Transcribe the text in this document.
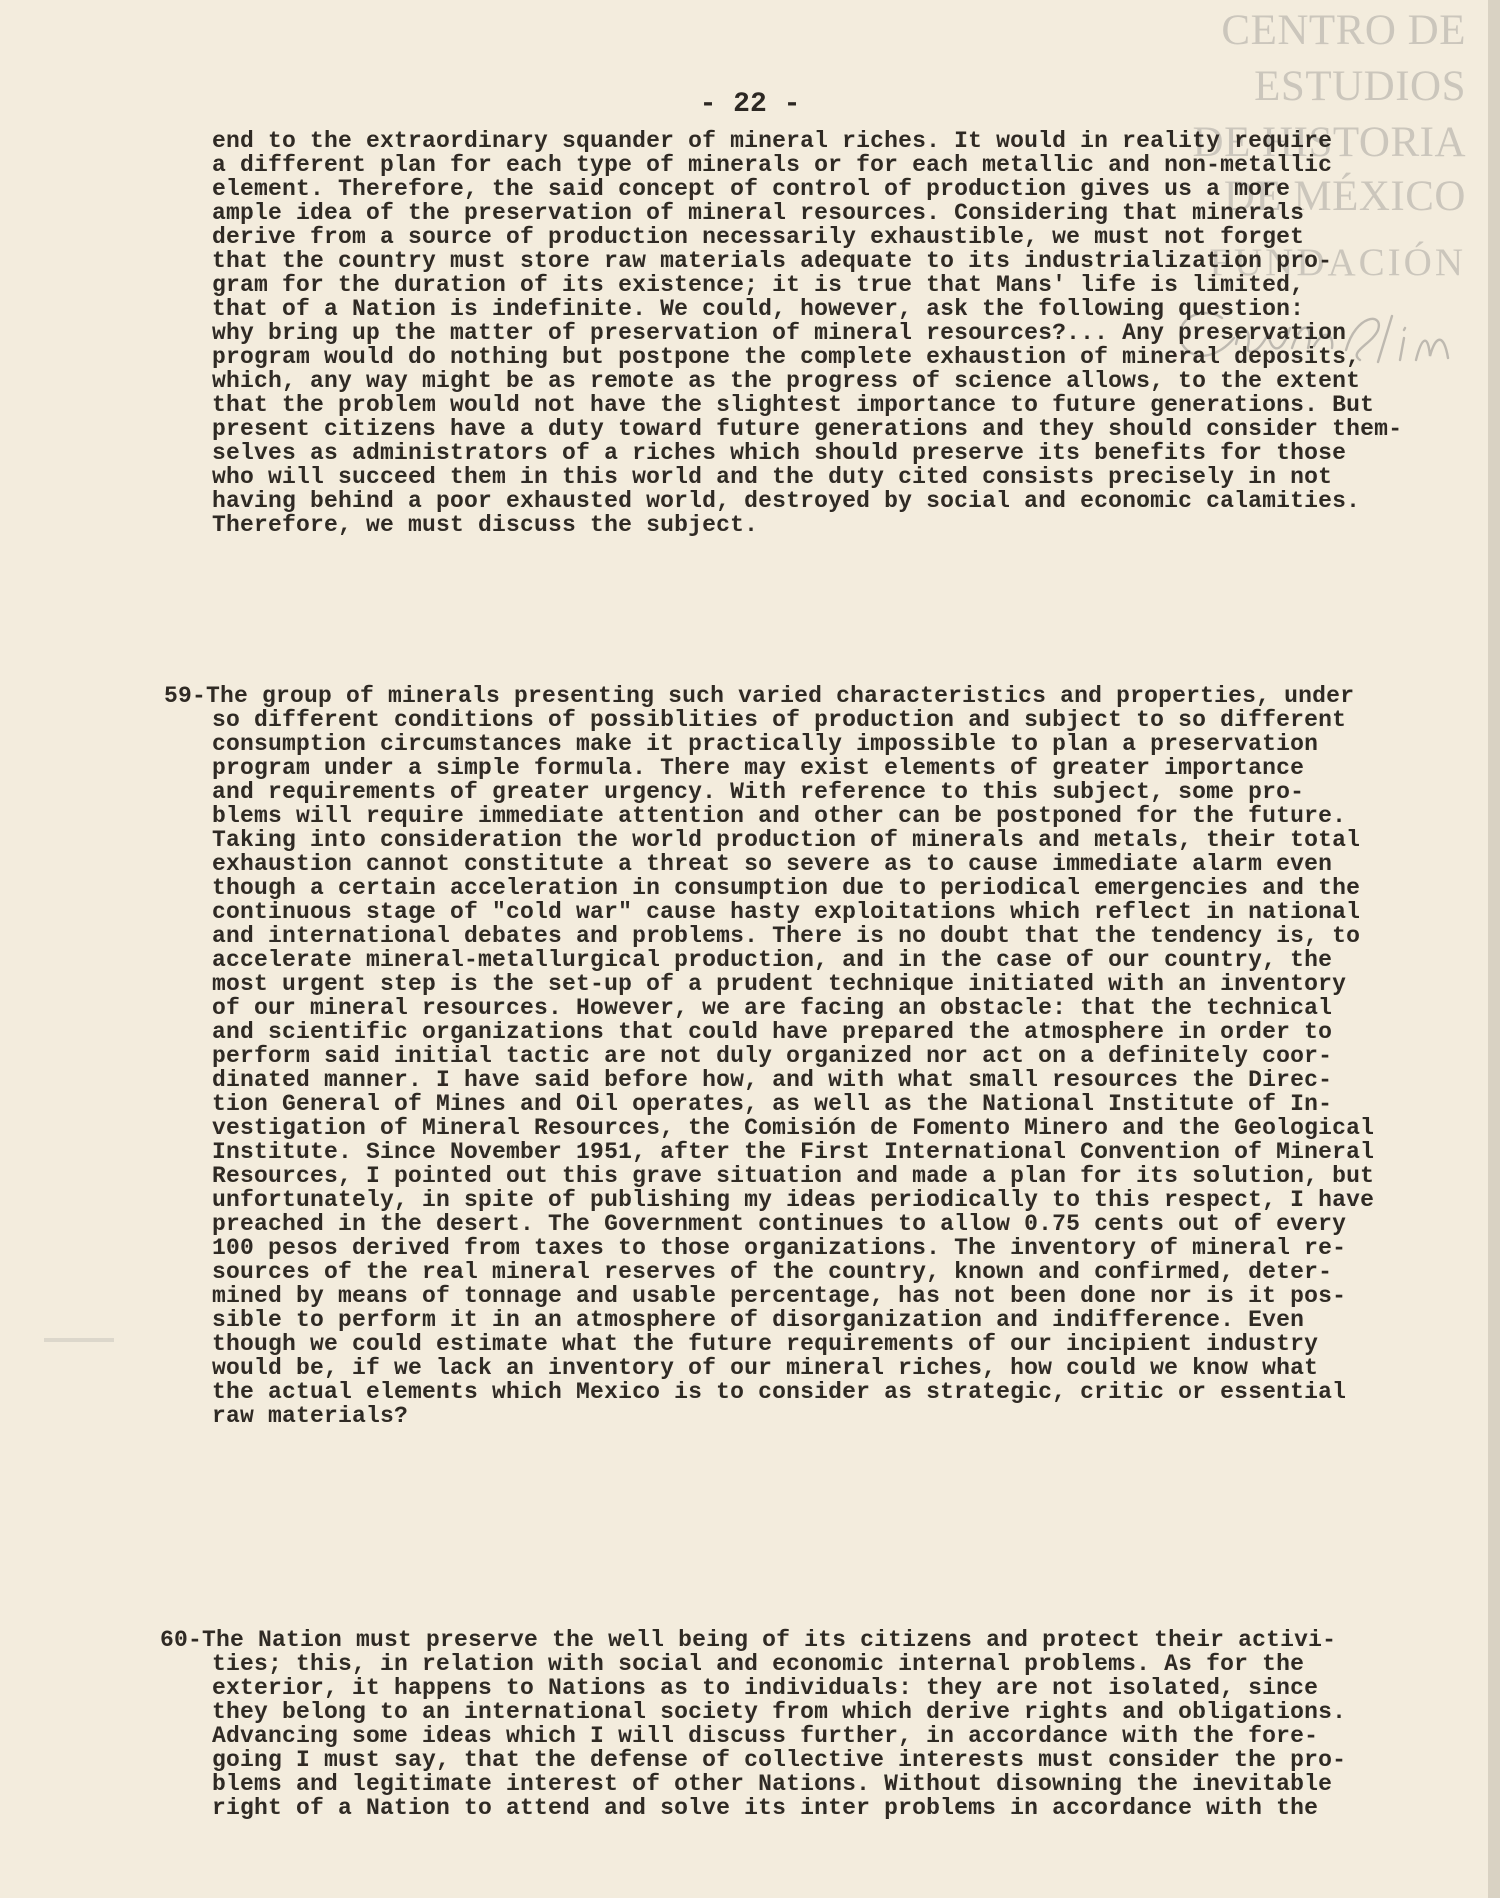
CENTRO DE
ESTUDIOS
DE HISTORIA
DE MÉXICO
FUNDACIÓN
- 22 -
end to the extraordinary squander of mineral riches. It would in reality require
a different plan for each type of minerals or for each metallic and non-metallic
element. Therefore, the said concept of control of production gives us a more
ample idea of the preservation of mineral resources. Considering that minerals
derive from a source of production necessarily exhaustible, we must not forget
that the country must store raw materials adequate to its industrialization pro-
gram for the duration of its existence; it is true that Mans' life is limited,
that of a Nation is indefinite. We could, however, ask the following question:
why bring up the matter of preservation of mineral resources?... Any preservation
program would do nothing but postpone the complete exhaustion of mineral deposits,
which, any way might be as remote as the progress of science allows, to the extent
that the problem would not have the slightest importance to future generations. But
present citizens have a duty toward future generations and they should consider them-
selves as administrators of a riches which should preserve its benefits for those
who will succeed them in this world and the duty cited consists precisely in not
having behind a poor exhausted world, destroyed by social and economic calamities.
Therefore, we must discuss the subject.
59-The group of minerals presenting such varied characteristics and properties, under
so different conditions of possiblities of production and subject to so different
consumption circumstances make it practically impossible to plan a preservation
program under a simple formula. There may exist elements of greater importance
and requirements of greater urgency. With reference to this subject, some pro-
blems will require immediate attention and other can be postponed for the future.
Taking into consideration the world production of minerals and metals, their total
exhaustion cannot constitute a threat so severe as to cause immediate alarm even
though a certain acceleration in consumption due to periodical emergencies and the
continuous stage of "cold war" cause hasty exploitations which reflect in national
and international debates and problems. There is no doubt that the tendency is, to
accelerate mineral-metallurgical production, and in the case of our country, the
most urgent step is the set-up of a prudent technique initiated with an inventory
of our mineral resources. However, we are facing an obstacle: that the technical
and scientific organizations that could have prepared the atmosphere in order to
perform said initial tactic are not duly organized nor act on a definitely coor-
dinated manner. I have said before how, and with what small resources the Direc-
tion General of Mines and Oil operates, as well as the National Institute of In-
vestigation of Mineral Resources, the Comisión de Fomento Minero and the Geological
Institute. Since November 1951, after the First International Convention of Mineral
Resources, I pointed out this grave situation and made a plan for its solution, but
unfortunately, in spite of publishing my ideas periodically to this respect, I have
preached in the desert. The Government continues to allow 0.75 cents out of every
100 pesos derived from taxes to those organizations. The inventory of mineral re-
sources of the real mineral reserves of the country, known and confirmed, deter-
mined by means of tonnage and usable percentage, has not been done nor is it pos-
sible to perform it in an atmosphere of disorganization and indifference. Even
though we could estimate what the future requirements of our incipient industry
would be, if we lack an inventory of our mineral riches, how could we know what
the actual elements which Mexico is to consider as strategic, critic or essential
raw materials?
60-The Nation must preserve the well being of its citizens and protect their activi-
ties; this, in relation with social and economic internal problems. As for the
exterior, it happens to Nations as to individuals: they are not isolated, since
they belong to an international society from which derive rights and obligations.
Advancing some ideas which I will discuss further, in accordance with the fore-
going I must say, that the defense of collective interests must consider the pro-
blems and legitimate interest of other Nations. Without disowning the inevitable
right of a Nation to attend and solve its inter problems in accordance with the
